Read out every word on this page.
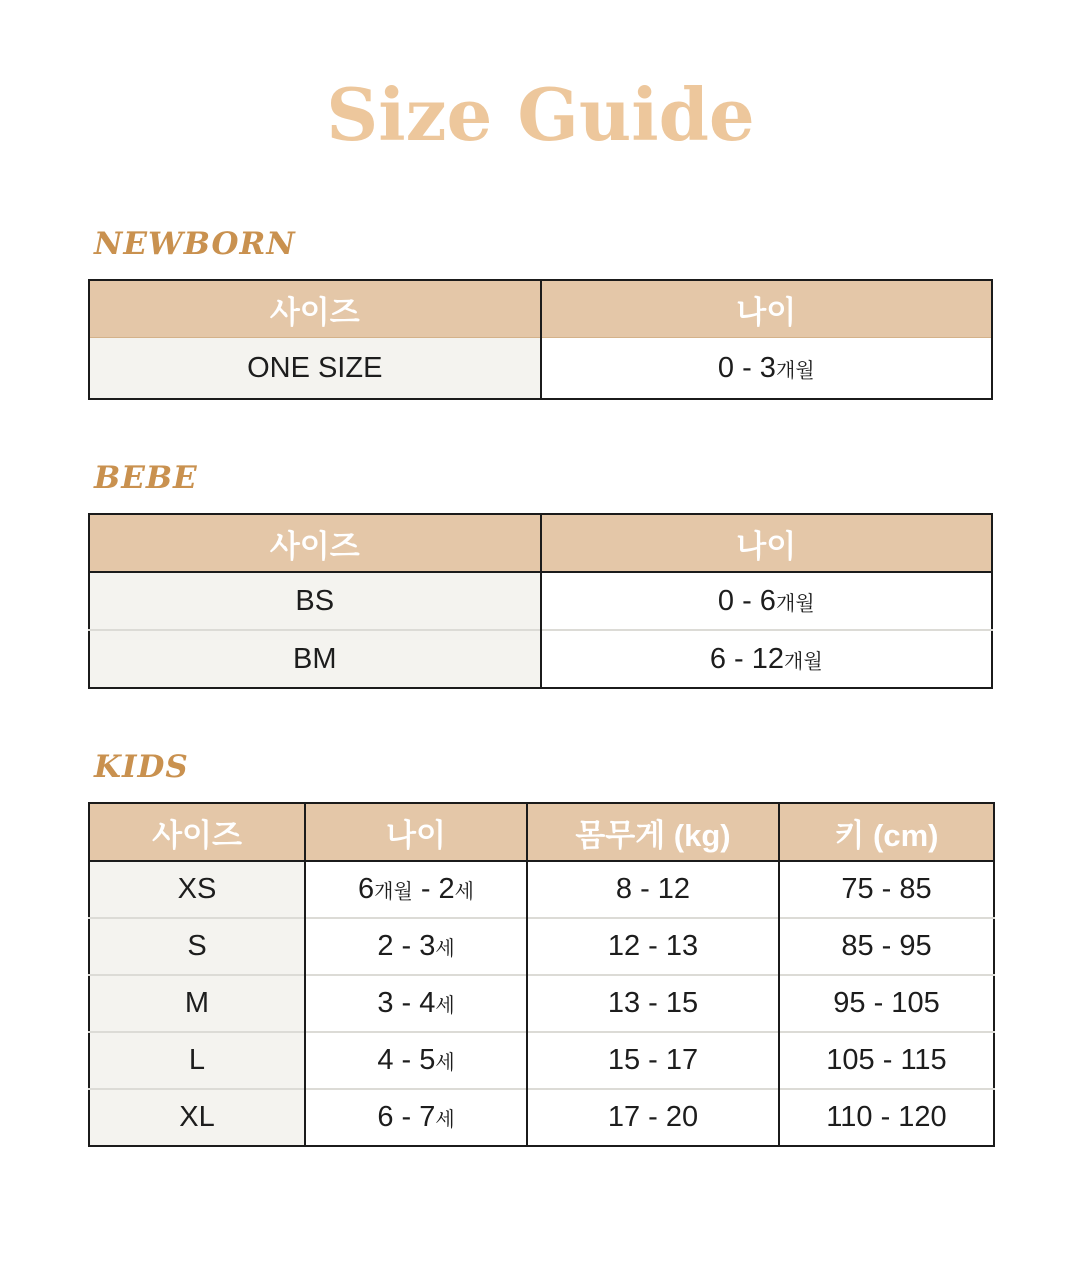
Size Guide
NEWBORN
사이즈	나이
ONE SIZE	0 - 3개월
BEBE
사이즈	나이
BS	0 - 6개월
BM	6 - 12개월
KIDS
사이즈	나이	몸무게 (kg)	키 (cm)
XS	6개월 - 2세	8 - 12	75 - 85
S	2 - 3세	12 - 13	85 - 95
M	3 - 4세	13 - 15	95 - 105
L	4 - 5세	15 - 17	105 - 115
XL	6 - 7세	17 - 20	110 - 120
